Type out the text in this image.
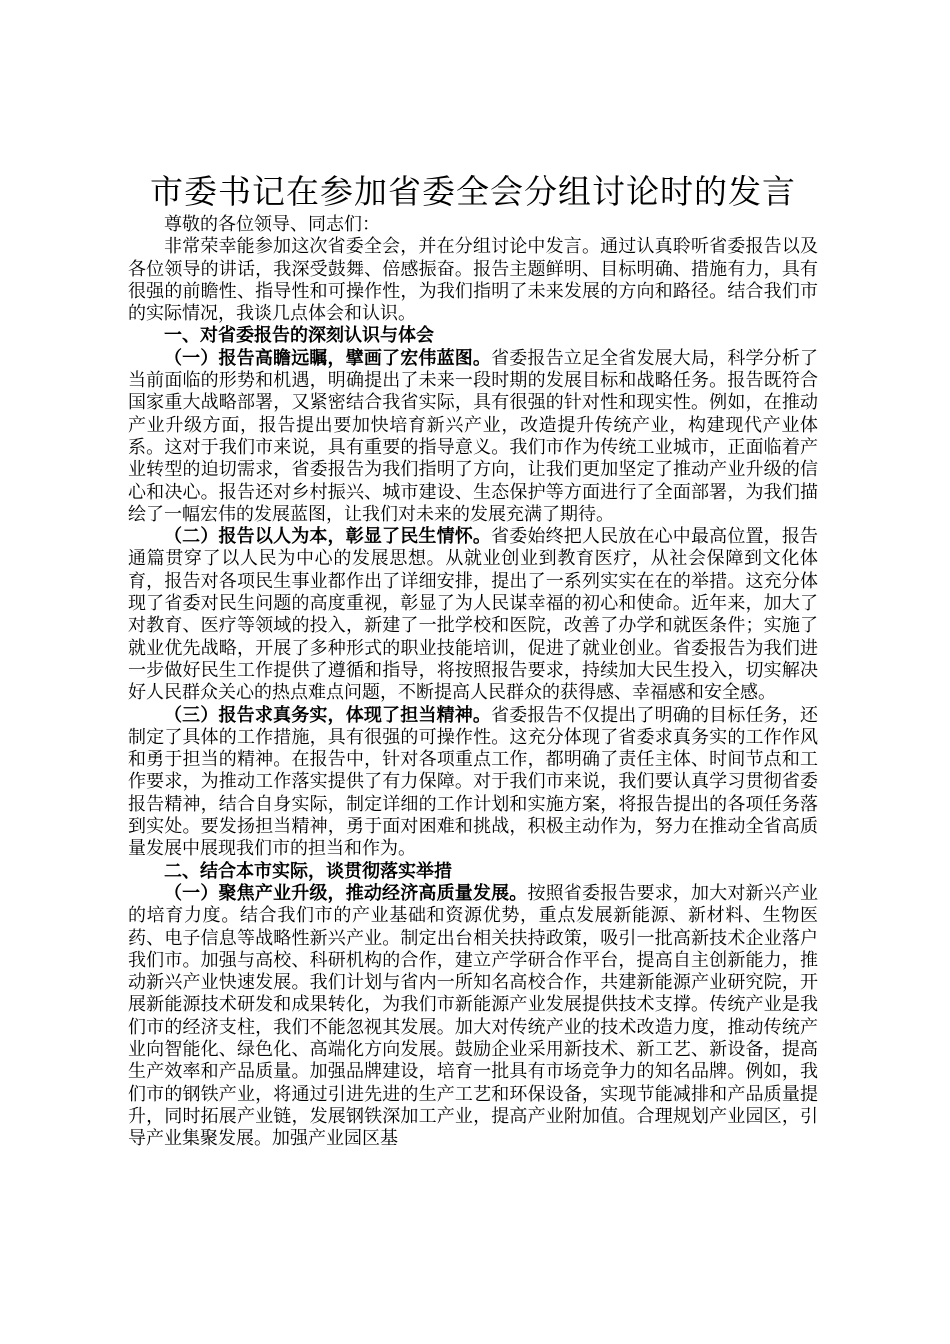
市委书记在参加省委全会分组讨论时的发言

尊敬的各位领导、同志们：

非常荣幸能参加这次省委全会，并在分组讨论中发言。通过认真聆听省委报告以及各位领导的讲话，我深受鼓舞、倍感振奋。报告主题鲜明、目标明确、措施有力，具有很强的前瞻性、指导性和可操作性，为我们指明了未来发展的方向和路径。结合我们市的实际情况，我谈几点体会和认识。

一、对省委报告的深刻认识与体会

（一）报告高瞻远瞩，擘画了宏伟蓝图。省委报告立足全省发展大局，科学分析了当前面临的形势和机遇，明确提出了未来一段时期的发展目标和战略任务。报告既符合国家重大战略部署，又紧密结合我省实际，具有很强的针对性和现实性。例如，在推动产业升级方面，报告提出要加快培育新兴产业，改造提升传统产业，构建现代产业体系。这对于我们市来说，具有重要的指导意义。我们市作为传统工业城市，正面临着产业转型的迫切需求，省委报告为我们指明了方向，让我们更加坚定了推动产业升级的信心和决心。报告还对乡村振兴、城市建设、生态保护等方面进行了全面部署，为我们描绘了一幅宏伟的发展蓝图，让我们对未来的发展充满了期待。

（二）报告以人为本，彰显了民生情怀。省委始终把人民放在心中最高位置，报告通篇贯穿了以人民为中心的发展思想。从就业创业到教育医疗，从社会保障到文化体育，报告对各项民生事业都作出了详细安排，提出了一系列实实在在的举措。这充分体现了省委对民生问题的高度重视，彰显了为人民谋幸福的初心和使命。近年来，加大了对教育、医疗等领域的投入，新建了一批学校和医院，改善了办学和就医条件；实施了就业优先战略，开展了多种形式的职业技能培训，促进了就业创业。省委报告为我们进一步做好民生工作提供了遵循和指导，将按照报告要求，持续加大民生投入，切实解决好人民群众关心的热点难点问题，不断提高人民群众的获得感、幸福感和安全感。

（三）报告求真务实，体现了担当精神。省委报告不仅提出了明确的目标任务，还制定了具体的工作措施，具有很强的可操作性。这充分体现了省委求真务实的工作作风和勇于担当的精神。在报告中，针对各项重点工作，都明确了责任主体、时间节点和工作要求，为推动工作落实提供了有力保障。对于我们市来说，我们要认真学习贯彻省委报告精神，结合自身实际，制定详细的工作计划和实施方案，将报告提出的各项任务落到实处。要发扬担当精神，勇于面对困难和挑战，积极主动作为，努力在推动全省高质量发展中展现我们市的担当和作为。

二、结合本市实际，谈贯彻落实举措

（一）聚焦产业升级，推动经济高质量发展。按照省委报告要求，加大对新兴产业的培育力度。结合我们市的产业基础和资源优势，重点发展新能源、新材料、生物医药、电子信息等战略性新兴产业。制定出台相关扶持政策，吸引一批高新技术企业落户我们市。加强与高校、科研机构的合作，建立产学研合作平台，提高自主创新能力，推动新兴产业快速发展。我们计划与省内一所知名高校合作，共建新能源产业研究院，开展新能源技术研发和成果转化，为我们市新能源产业发展提供技术支撑。传统产业是我们市的经济支柱，我们不能忽视其发展。加大对传统产业的技术改造力度，推动传统产业向智能化、绿色化、高端化方向发展。鼓励企业采用新技术、新工艺、新设备，提高生产效率和产品质量。加强品牌建设，培育一批具有市场竞争力的知名品牌。例如，我们市的钢铁产业，将通过引进先进的生产工艺和环保设备，实现节能减排和产品质量提升，同时拓展产业链，发展钢铁深加工产业，提高产业附加值。合理规划产业园区，引导产业集聚发展。加强产业园区基
